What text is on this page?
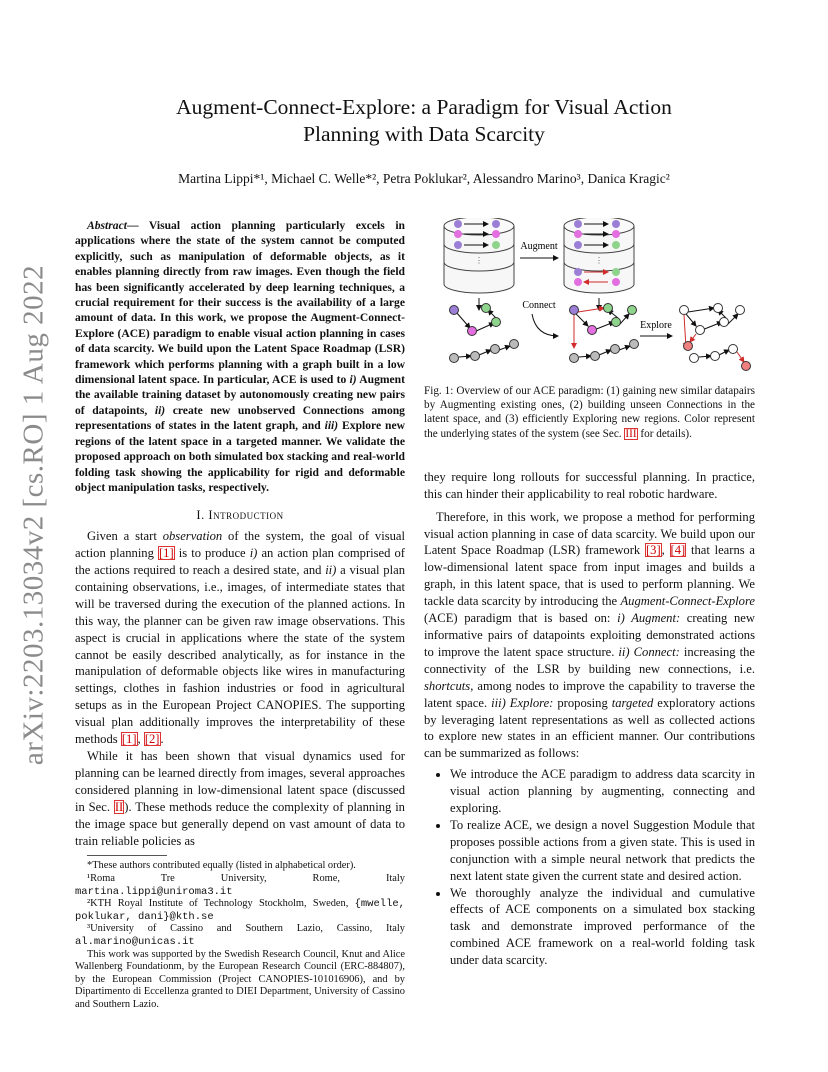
arXiv:2203.13034v2 [cs.RO] 1 Aug 2022
Augment-Connect-Explore: a Paradigm for Visual Action
Planning with Data Scarcity
Martina Lippi*¹, Michael C. Welle*², Petra Poklukar², Alessandro Marino³, Danica Kragic²

Abstract— Visual action planning particularly excels in applications where the state of the system cannot be computed explicitly, such as manipulation of deformable objects, as it enables planning directly from raw images. Even though the field has been significantly accelerated by deep learning techniques, a crucial requirement for their success is the availability of a large amount of data. In this work, we propose the Augment-Connect-Explore (ACE) paradigm to enable visual action planning in cases of data scarcity. We build upon the Latent Space Roadmap (LSR) framework which performs planning with a graph built in a low dimensional latent space. In particular, ACE is used to i) Augment the available training dataset by autonomously creating new pairs of datapoints, ii) create new unobserved Connections among representations of states in the latent graph, and iii) Explore new regions of the latent space in a targeted manner. We validate the proposed approach on both simulated box stacking and real-world folding task showing the applicability for rigid and deformable object manipulation tasks, respectively.

I. Introduction

Given a start observation of the system, the goal of visual action planning [1] is to produce i) an action plan comprised of the actions required to reach a desired state, and ii) a visual plan containing observations, i.e., images, of intermediate states that will be traversed during the execution of the planned actions. In this way, the planner can be given raw image observations. This aspect is crucial in applications where the state of the system cannot be easily described analytically, as for instance in the manipulation of deformable objects like wires in manufacturing settings, clothes in fashion industries or food in agricultural setups as in the European Project CANOPIES. The supporting visual plan additionally improves the interpretability of these methods [1], [2].

While it has been shown that visual dynamics used for planning can be learned directly from images, several approaches considered planning in low-dimensional latent space (discussed in Sec. II). These methods reduce the complexity of planning in the image space but generally depend on vast amount of data to train reliable policies as

*These authors contributed equally (listed in alphabetical order).
¹Roma Tre University, Rome, Italy
martina.lippi@uniroma3.it
²KTH Royal Institute of Technology Stockholm, Sweden, {mwelle, poklukar, dani}@kth.se
³University of Cassino and Southern Lazio, Cassino, Italy
al.marino@unicas.it
This work was supported by the Swedish Research Council, Knut and Alice Wallenberg Foundationm, by the European Research Council (ERC-884807), by the European Commission (Project CANOPIES-101016906), and by Dipartimento di Eccellenza granted to DIEI Department, University of Cassino and Southern Lazio.
⋮	⋮
Augment
Connect
Explore

Fig. 1: Overview of our ACE paradigm: (1) gaining new similar datapairs by Augmenting existing ones, (2) building unseen Connections in the latent space, and (3) efficiently Exploring new regions. Color represent the underlying states of the system (see Sec. III for details).

they require long rollouts for successful planning. In practice, this can hinder their applicability to real robotic hardware.

Therefore, in this work, we propose a method for performing visual action planning in case of data scarcity. We build upon our Latent Space Roadmap (LSR) framework [3], [4] that learns a low-dimensional latent space from input images and builds a graph, in this latent space, that is used to perform planning. We tackle data scarcity by introducing the Augment-Connect-Explore (ACE) paradigm that is based on: i) Augment: creating new informative pairs of datapoints exploiting demonstrated actions to improve the latent space structure. ii) Connect: increasing the connectivity of the LSR by building new connections, i.e. shortcuts, among nodes to improve the capability to traverse the latent space. iii) Explore: proposing targeted exploratory actions by leveraging latent representations as well as collected actions to explore new states in an efficient manner. Our contributions can be summarized as follows:

• We introduce the ACE paradigm to address data scarcity in visual action planning by augmenting, connecting and exploring.
• To realize ACE, we design a novel Suggestion Module that proposes possible actions from a given state. This is used in conjunction with a simple neural network that predicts the next latent state given the current state and desired action.
• We thoroughly analyze the individual and cumulative effects of ACE components on a simulated box stacking task and demonstrate improved performance of the combined ACE framework on a real-world folding task under data scarcity.
